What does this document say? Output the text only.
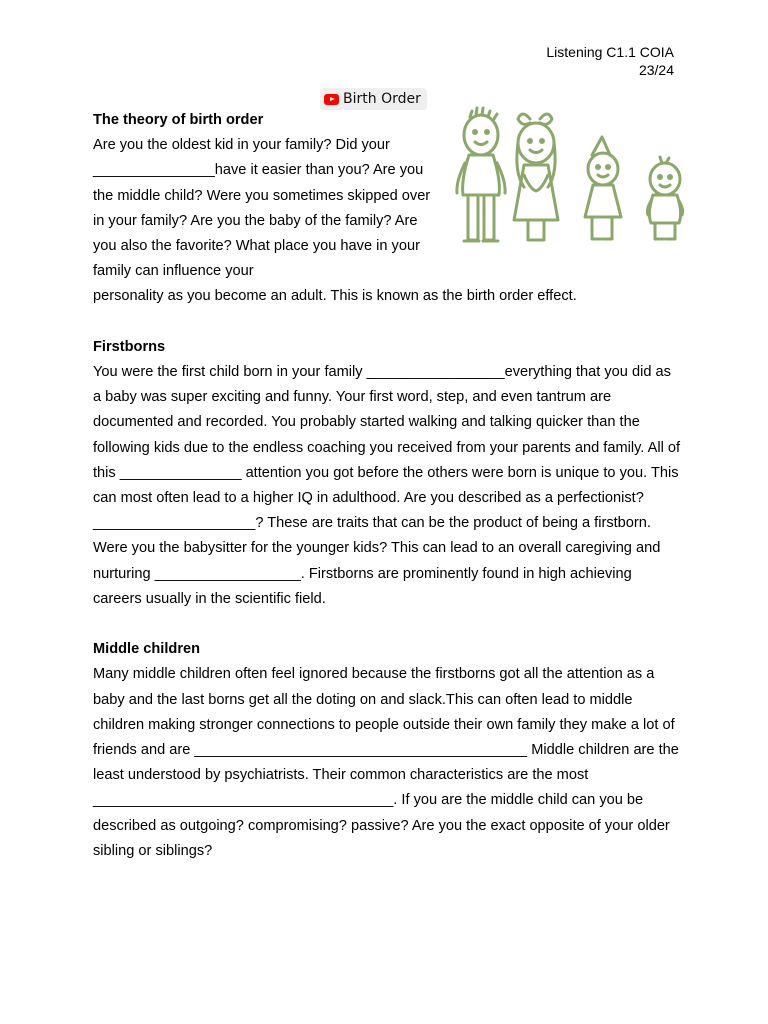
Listening C1.1 COIA
23/24
Birth Order
The theory of birth order

Are you the oldest kid in your family? Did your _______________have it easier than you? Are you the middle child? Were you sometimes skipped over in your family? Are you the baby of the family? Are you also the favorite? What place you have in your family can influence your

personality as you become an adult. This is known as the birth order effect.

Firstborns

You were the first child born in your family _________________everything that you did as a baby was super exciting and funny. Your first word, step, and even tantrum are documented and recorded. You probably started walking and talking quicker than the following kids due to the endless coaching you received from your parents and family. All of this _______________ attention you got before the others were born is unique to you. This can most often lead to a higher IQ in adulthood. Are you described as a perfectionist? ____________________? These are traits that can be the product of being a firstborn. Were you the babysitter for the younger kids? This can lead to an overall caregiving and nurturing __________________. Firstborns are prominently found in high achieving careers usually in the scientific field.

Middle children

Many middle children often feel ignored because the firstborns got all the attention as a baby and the last borns get all the doting on and slack.This can often lead to middle children making stronger connections to people outside their own family they make a lot of friends and are _________________________________________ Middle children are the least understood by psychiatrists. Their common characteristics are the most _____________________________________. If you are the middle child can you be described as outgoing? compromising? passive? Are you the exact opposite of your older sibling or siblings?
